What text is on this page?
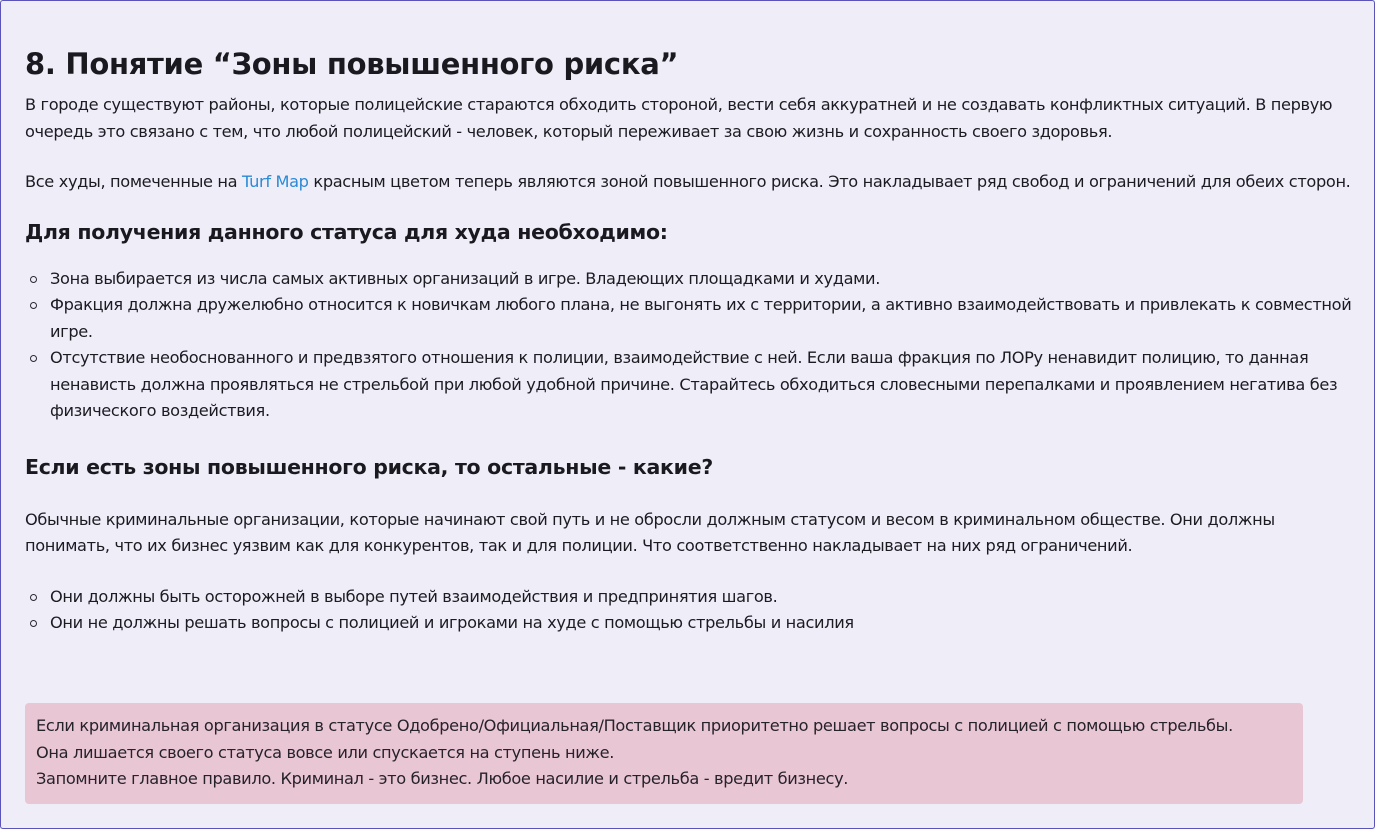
8. Понятие “Зоны повышенного риска”

В городе существуют районы, которые полицейские стараются обходить стороной, вести себя аккуратней и не создавать конфликтных ситуаций. В первую очередь это связано с тем, что любой полицейский - человек, который переживает за свою жизнь и сохранность своего здоровья.

Все худы, помеченные на Turf Map красным цветом теперь являются зоной повышенного риска. Это накладывает ряд свобод и ограничений для обеих сторон.

Для получения данного статуса для худа необходимо:
Зона выбирается из числа самых активных организаций в игре. Владеющих площадками и худами.
Фракция должна дружелюбно относится к новичкам любого плана, не выгонять их с территории, а активно взаимодействовать и привлекать к совместной игре.
Отсутствие необоснованного и предвзятого отношения к полиции, взаимодействие с ней. Если ваша фракция по ЛОРу ненавидит полицию, то данная ненависть должна проявляться не стрельбой при любой удобной причине. Старайтесь обходиться словесными перепалками и проявлением негатива без физического воздействия.
Если есть зоны повышенного риска, то остальные - какие?

Обычные криминальные организации, которые начинают свой путь и не обросли должным статусом и весом в криминальном обществе. Они должны понимать, что их бизнес уязвим как для конкурентов, так и для полиции. Что соответственно накладывает на них ряд ограничений.

Они должны быть осторожней в выборе путей взаимодействия и предпринятия шагов.
Они не должны решать вопросы с полицией и игроками на худе с помощью стрельбы и насилия

Если криминальная организация в статусе Одобрено/Официальная/Поставщик приоритетно решает вопросы с полицией с помощью стрельбы.

Она лишается своего статуса вовсе или спускается на ступень ниже.

Запомните главное правило. Криминал - это бизнес. Любое насилие и стрельба - вредит бизнесу.
